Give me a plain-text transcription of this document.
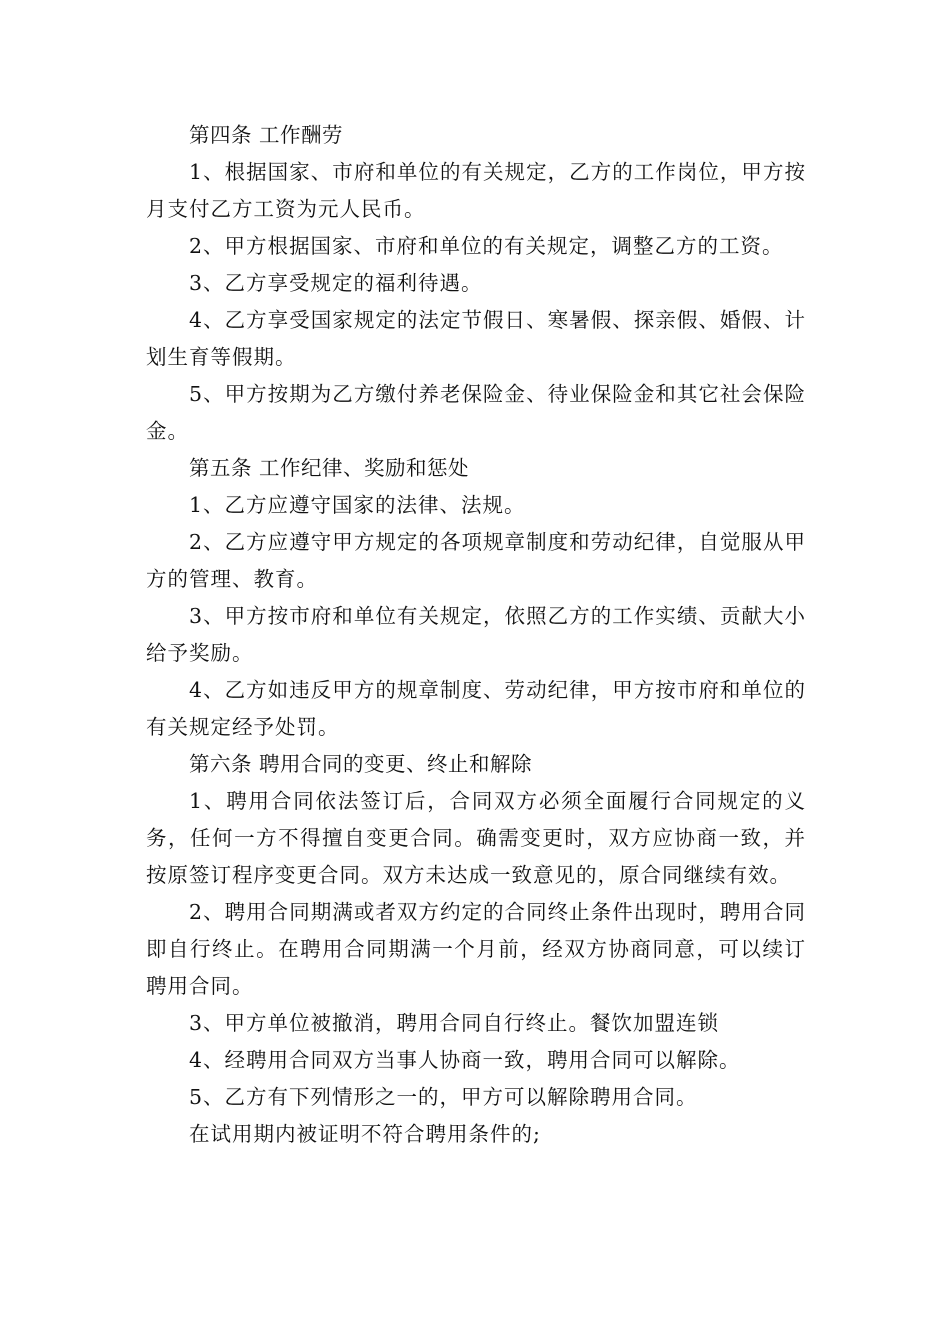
第四条 工作酬劳

1、根据国家、市府和单位的有关规定，乙方的工作岗位，甲方按月支付乙方工资为元人民币。

2、甲方根据国家、市府和单位的有关规定，调整乙方的工资。

3、乙方享受规定的福利待遇。

4、乙方享受国家规定的法定节假日、寒暑假、探亲假、婚假、计划生育等假期。

5、甲方按期为乙方缴付养老保险金、待业保险金和其它社会保险金。

第五条 工作纪律、奖励和惩处

1、乙方应遵守国家的法律、法规。

2、乙方应遵守甲方规定的各项规章制度和劳动纪律，自觉服从甲方的管理、教育。

3、甲方按市府和单位有关规定，依照乙方的工作实绩、贡献大小给予奖励。

4、乙方如违反甲方的规章制度、劳动纪律，甲方按市府和单位的有关规定经予处罚。

第六条 聘用合同的变更、终止和解除

1、聘用合同依法签订后，合同双方必须全面履行合同规定的义务，任何一方不得擅自变更合同。确需变更时，双方应协商一致，并按原签订程序变更合同。双方未达成一致意见的，原合同继续有效。

2、聘用合同期满或者双方约定的合同终止条件出现时，聘用合同即自行终止。在聘用合同期满一个月前，经双方协商同意，可以续订聘用合同。

3、甲方单位被撤消，聘用合同自行终止。餐饮加盟连锁

4、经聘用合同双方当事人协商一致，聘用合同可以解除。

5、乙方有下列情形之一的，甲方可以解除聘用合同。

在试用期内被证明不符合聘用条件的;
